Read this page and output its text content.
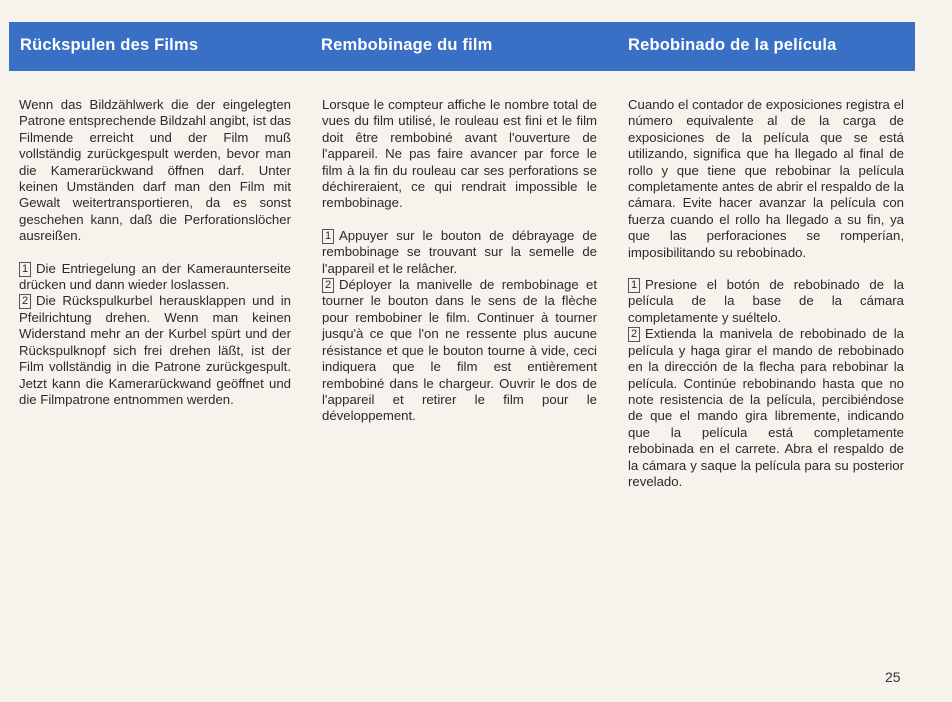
Rückspulen des Films	Rembobinage du film	Rebobinado de la película

Wenn das Bildzählwerk die der eingelegten Patrone entsprechende Bildzahl angibt, ist das Filmende erreicht und der Film muß vollständig zurückgespult werden, bevor man die Kamerarückwand öffnen darf. Unter keinen Umständen darf man den Film mit Gewalt weitertransportieren, da es sonst geschehen kann, daß die Perforationslöcher ausreißen.

1 Die Entriegelung an der Kameraunterseite drücken und dann wieder loslassen.
2 Die Rückspulkurbel herausklappen und in Pfeilrichtung drehen. Wenn man keinen Widerstand mehr an der Kurbel spürt und der Rückspulknopf sich frei drehen läßt, ist der Film vollständig in die Patrone zurückgespult. Jetzt kann die Kamerarückwand geöffnet und die Filmpatrone entnommen werden.

Lorsque le compteur affiche le nombre total de vues du film utilisé, le rouleau est fini et le film doit être rembobiné avant l'ouverture de l'appareil. Ne pas faire avancer par force le film à la fin du rouleau car ses perforations se déchireraient, ce qui rendrait impossible le rembobinage.

1 Appuyer sur le bouton de débrayage de rembobinage se trouvant sur la semelle de l'appareil et le relâcher.
2 Déployer la manivelle de rembobinage et tourner le bouton dans le sens de la flèche pour rembobiner le film. Continuer à tourner jusqu'à ce que l'on ne ressente plus aucune résistance et que le bouton tourne à vide, ceci indiquera que le film est entièrement rembobiné dans le chargeur. Ouvrir le dos de l'appareil et retirer le film pour le développement.

Cuando el contador de exposiciones registra el número equivalente al de la carga de exposiciones de la película que se está utilizando, significa que ha llegado al final de rollo y que tiene que rebobinar la película completamente antes de abrir el respaldo de la cámara. Evite hacer avanzar la película con fuerza cuando el rollo ha llegado a su fin, ya que las perforaciones se romperían, imposibilitando su rebobinado.

1 Presione el botón de rebobinado de la película de la base de la cámara completamente y suéltelo.
2 Extienda la manivela de rebobinado de la película y haga girar el mando de rebobinado en la dirección de la flecha para rebobinar la película. Continúe rebobinando hasta que no note resistencia de la película, percibiéndose de que el mando gira libremente, indicando que la película está completamente rebobinada en el carrete. Abra el respaldo de la cámara y saque la película para su posterior revelado.
25
